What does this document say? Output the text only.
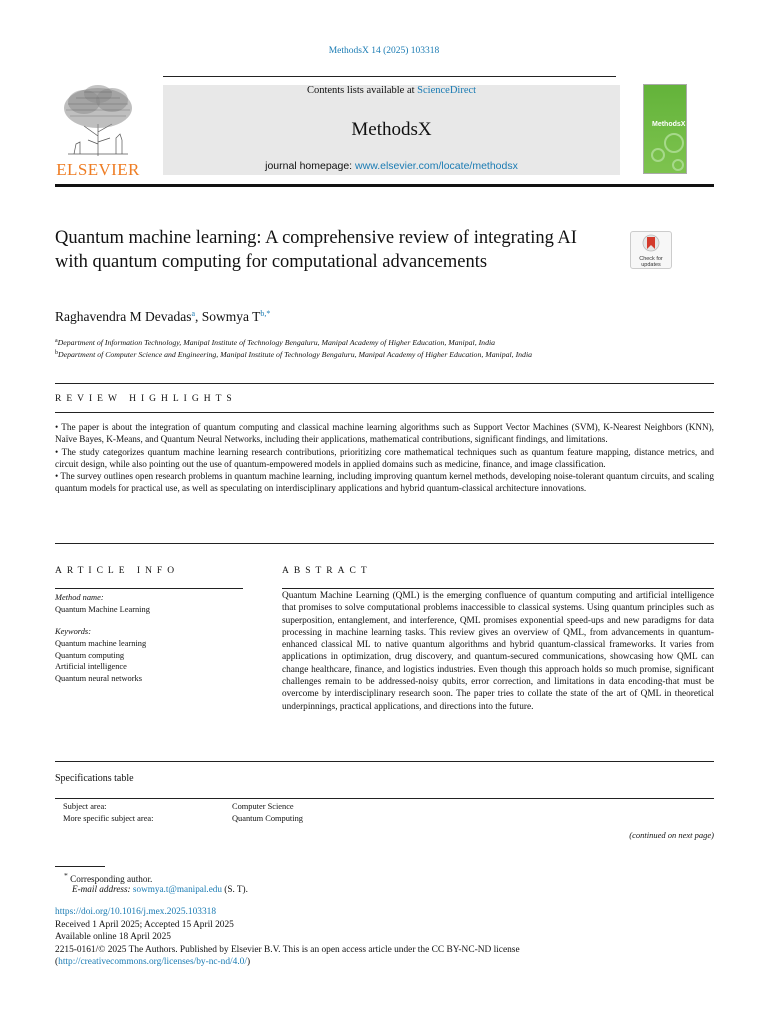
MethodsX 14 (2025) 103318
ELSEVIER
Contents lists available at ScienceDirect
MethodsX
journal homepage: www.elsevier.com/locate/methodsx
MethodsX
Quantum machine learning: A comprehensive review of integrating AI with quantum computing for computational advancements	Check for updates
Raghavendra M Devadas$^a$, Sowmya $T^{b,*}$
$^a$Department of Information Technology, Manipal Institute of Technology Bengaluru, Manipal Academy of Higher Education, Manipal, India
$^b$Department of Computer Science and Engineering, Manipal Institute of Technology Bengaluru, Manipal Academy of Higher Education, Manipal, India
REVIEW HIGHLIGHTS
• The paper is about the integration of quantum computing and classical machine learning algorithms such as Support Vector Machines (SVM), K-Nearest Neighbors (KNN), Naïve Bayes, K-Means, and Quantum Neural Networks, including their applications, mathematical contributions, significant findings, and limitations.
• The study categorizes quantum machine learning research contributions, prioritizing core mathematical techniques such as quantum feature mapping, distance metrics, and circuit design, while also pointing out the use of quantum-empowered models in applied domains such as medicine, finance, and image classification.
• The survey outlines open research problems in quantum machine learning, including improving quantum kernel methods, developing noise-tolerant quantum circuits, and scaling quantum models for practical use, as well as speculating on interdisciplinary applications and hybrid quantum-classical architecture innovations.
ARTICLE INFO
Method name:
Quantum Machine Learning
Keywords:
Quantum machine learning
Quantum computing
Artificial intelligence
Quantum neural networks
ABSTRACT
Quantum Machine Learning (QML) is the emerging confluence of quantum computing and artificial intelligence that promises to solve computational problems inaccessible to classical systems. Using quantum principles such as superposition, entanglement, and interference, QML promises exponential speed-ups and new paradigms for data processing in machine learning tasks. This review gives an overview of QML, from advancements in quantum-enhanced classical ML to native quantum algorithms and hybrid quantum-classical frameworks. It varies from applications in optimization, drug discovery, and quantum-secured communications, showcasing how QML can change healthcare, finance, and logistics industries. Even though this approach holds so much promise, significant challenges remain to be addressed-noisy qubits, error correction, and limitations in data encoding-that must be overcome by interdisciplinary research soon. The paper tries to collate the state of the art of QML in theoretical underpinnings, practical applications, and directions into the future.
Specifications table
Subject area:	Computer Science
More specific subject area:	Quantum Computing
(continued on next page)
* Corresponding author.
E-mail address: sowmya.t@manipal.edu (S. T).
https://doi.org/10.1016/j.mex.2025.103318
Received 1 April 2025; Accepted 15 April 2025
Available online 18 April 2025
2215-0161/© 2025 The Authors. Published by Elsevier B.V. This is an open access article under the CC BY-NC-ND license
(http://creativecommons.org/licenses/by-nc-nd/4.0/)
